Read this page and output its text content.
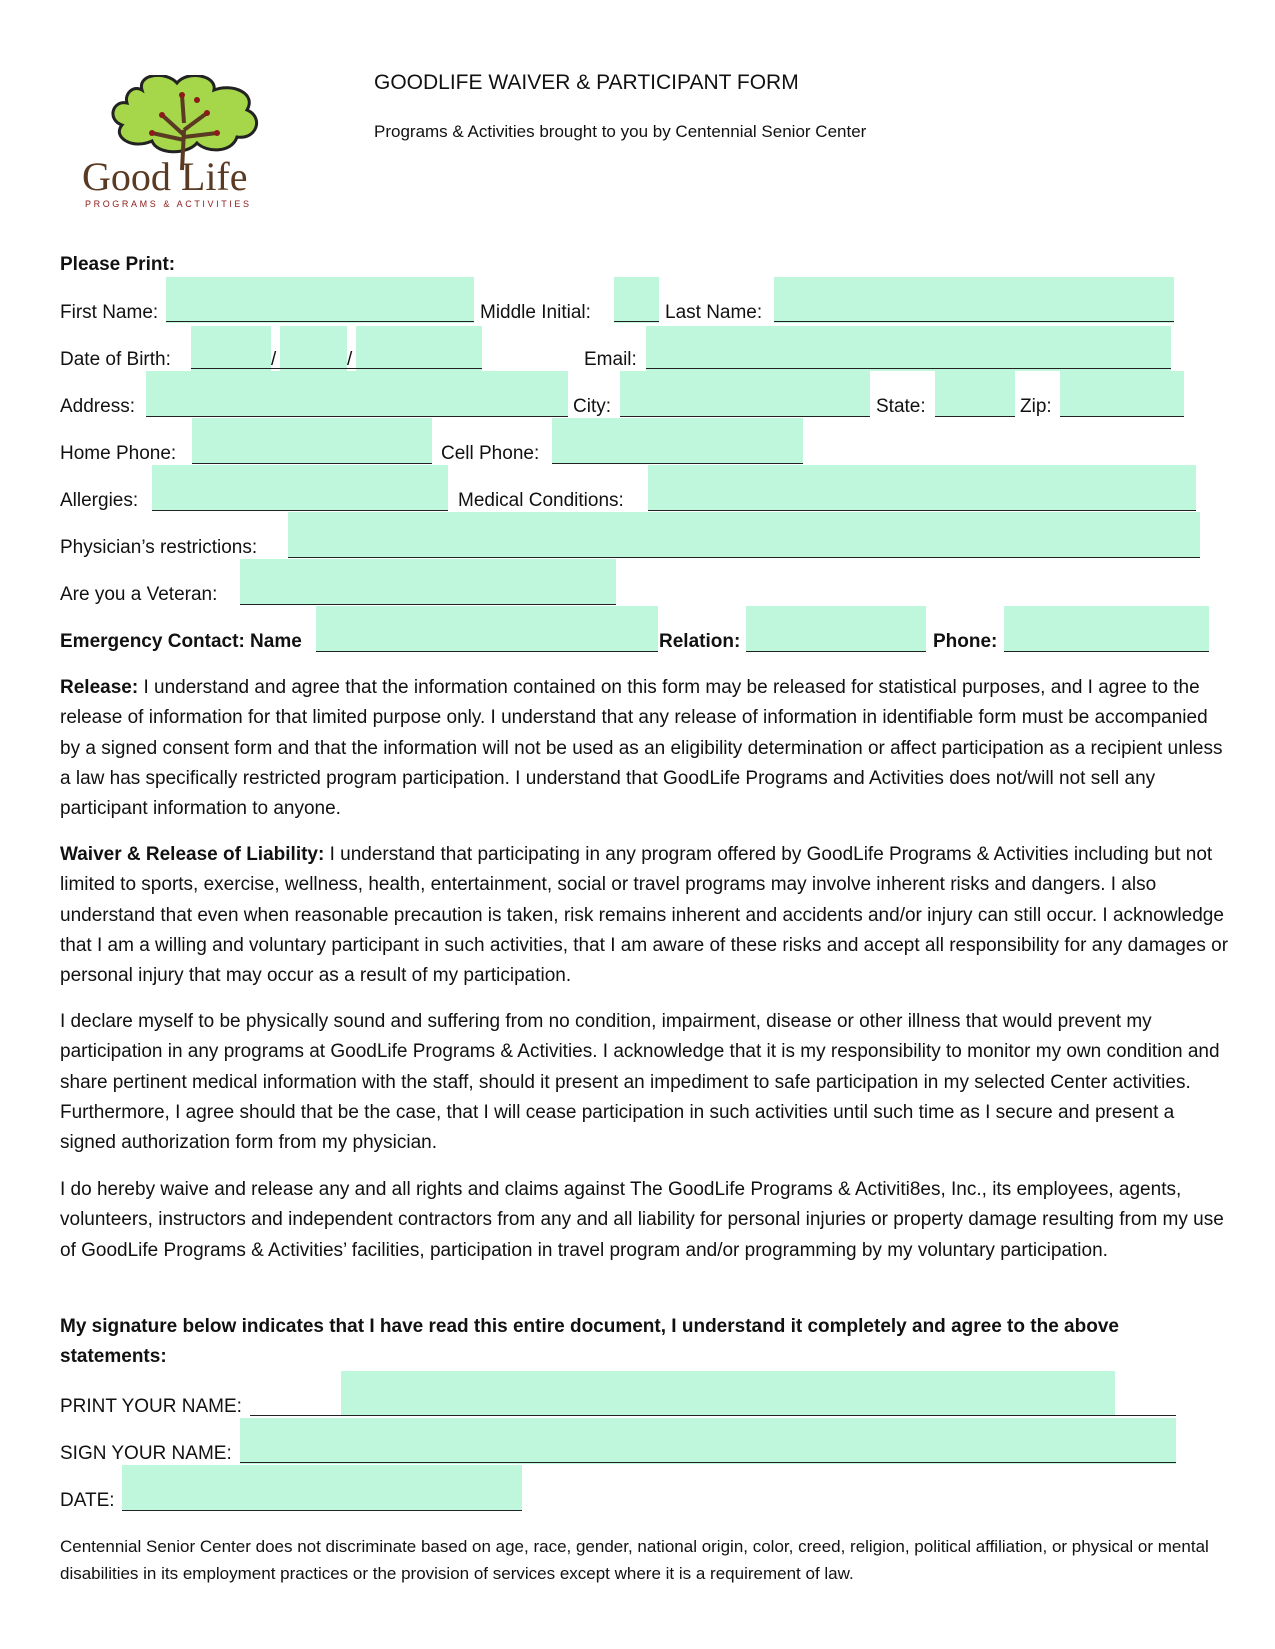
Good Life
PROGRAMS & ACTIVITIES
GOODLIFE WAIVER & PARTICIPANT FORM
Programs & Activities brought to you by Centennial Senior Center
Please Print:
First Name:	Middle Initial:	Last Name:
Date of Birth:	/	/	Email:
Address:	City:	State:	Zip:
Home Phone:	Cell Phone:
Allergies:	Medical Conditions:
Physician’s restrictions:
Are you a Veteran:
Emergency Contact: Name	Relation:	Phone:
Release: I understand and agree that the information contained on this form may be released for statistical purposes, and I agree to the release of information for that limited purpose only. I understand that any release of information in identifiable form must be accompanied by a signed consent form and that the information will not be used as an eligibility determination or affect participation as a recipient unless a law has specifically restricted program participation. I understand that GoodLife Programs and Activities does not/will not sell any participant information to anyone.
Waiver & Release of Liability: I understand that participating in any program offered by GoodLife Programs & Activities including but not limited to sports, exercise, wellness, health, entertainment, social or travel programs may involve inherent risks and dangers. I also understand that even when reasonable precaution is taken, risk remains inherent and accidents and/or injury can still occur. I acknowledge that I am a willing and voluntary participant in such activities, that I am aware of these risks and accept all responsibility for any damages or personal injury that may occur as a result of my participation.
I declare myself to be physically sound and suffering from no condition, impairment, disease or other illness that would prevent my participation in any programs at GoodLife Programs & Activities. I acknowledge that it is my responsibility to monitor my own condition and share pertinent medical information with the staff, should it present an impediment to safe participation in my selected Center activities. Furthermore, I agree should that be the case, that I will cease participation in such activities until such time as I secure and present a signed authorization form from my physician.
I do hereby waive and release any and all rights and claims against The GoodLife Programs & Activiti8es, Inc., its employees, agents, volunteers, instructors and independent contractors from any and all liability for personal injuries or property damage resulting from my use of GoodLife Programs & Activities’ facilities, participation in travel program and/or programming by my voluntary participation.
My signature below indicates that I have read this entire document, I understand it completely and agree to the above statements:
PRINT YOUR NAME:
SIGN YOUR NAME:
DATE:
Centennial Senior Center does not discriminate based on age, race, gender, national origin, color, creed, religion, political affiliation, or physical or mental disabilities in its employment practices or the provision of services except where it is a requirement of law.
